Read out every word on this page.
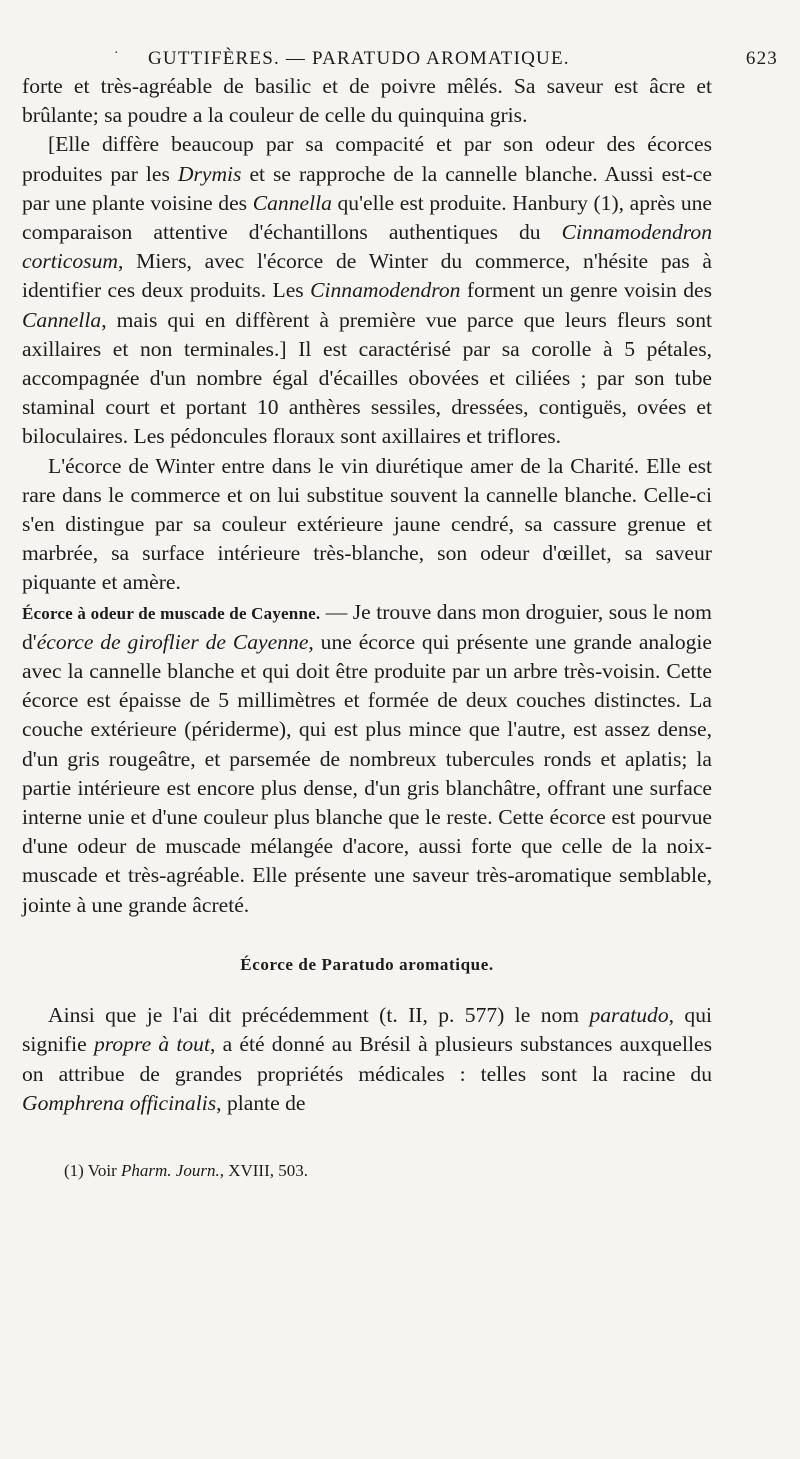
· GUTTIFÈRES. — PARATUDO AROMATIQUE.	623

forte et très-agréable de basilic et de poivre mêlés. Sa saveur est âcre et brûlante; sa poudre a la couleur de celle du quinquina gris.

[Elle diffère beaucoup par sa compacité et par son odeur des écorces produites par les Drymis et se rapproche de la cannelle blanche. Aussi est-ce par une plante voisine des Cannella qu'elle est produite. Hanbury (1), après une comparaison attentive d'échantillons authentiques du Cinnamodendron corticosum, Miers, avec l'écorce de Winter du commerce, n'hésite pas à identifier ces deux produits. Les Cinnamodendron forment un genre voisin des Cannella, mais qui en diffèrent à première vue parce que leurs fleurs sont axillaires et non terminales.] Il est caractérisé par sa corolle à 5 pétales, accompagnée d'un nombre égal d'écailles obovées et ciliées ; par son tube staminal court et portant 10 anthères sessiles, dressées, contiguës, ovées et biloculaires. Les pédoncules floraux sont axillaires et triflores.

L'écorce de Winter entre dans le vin diurétique amer de la Charité. Elle est rare dans le commerce et on lui substitue souvent la cannelle blanche. Celle-ci s'en distingue par sa couleur extérieure jaune cendré, sa cassure grenue et marbrée, sa surface intérieure très-blanche, son odeur d'œillet, sa saveur piquante et amère.

Écorce à odeur de muscade de Cayenne. — Je trouve dans mon droguier, sous le nom d'écorce de giroflier de Cayenne, une écorce qui présente une grande analogie avec la cannelle blanche et qui doit être produite par un arbre très-voisin. Cette écorce est épaisse de 5 millimètres et formée de deux couches distinctes. La couche extérieure (périderme), qui est plus mince que l'autre, est assez dense, d'un gris rougeâtre, et parsemée de nombreux tubercules ronds et aplatis; la partie intérieure est encore plus dense, d'un gris blanchâtre, offrant une surface interne unie et d'une couleur plus blanche que le reste. Cette écorce est pourvue d'une odeur de muscade mélangée d'acore, aussi forte que celle de la noix-muscade et très-agréable. Elle présente une saveur très-aromatique semblable, jointe à une grande âcreté.

Écorce de Paratudo aromatique.

Ainsi que je l'ai dit précédemment (t. II, p. 577) le nom paratudo, qui signifie propre à tout, a été donné au Brésil à plusieurs substances auxquelles on attribue de grandes propriétés médicales : telles sont la racine du Gomphrena officinalis, plante de

(1) Voir Pharm. Journ., XVIII, 503.
